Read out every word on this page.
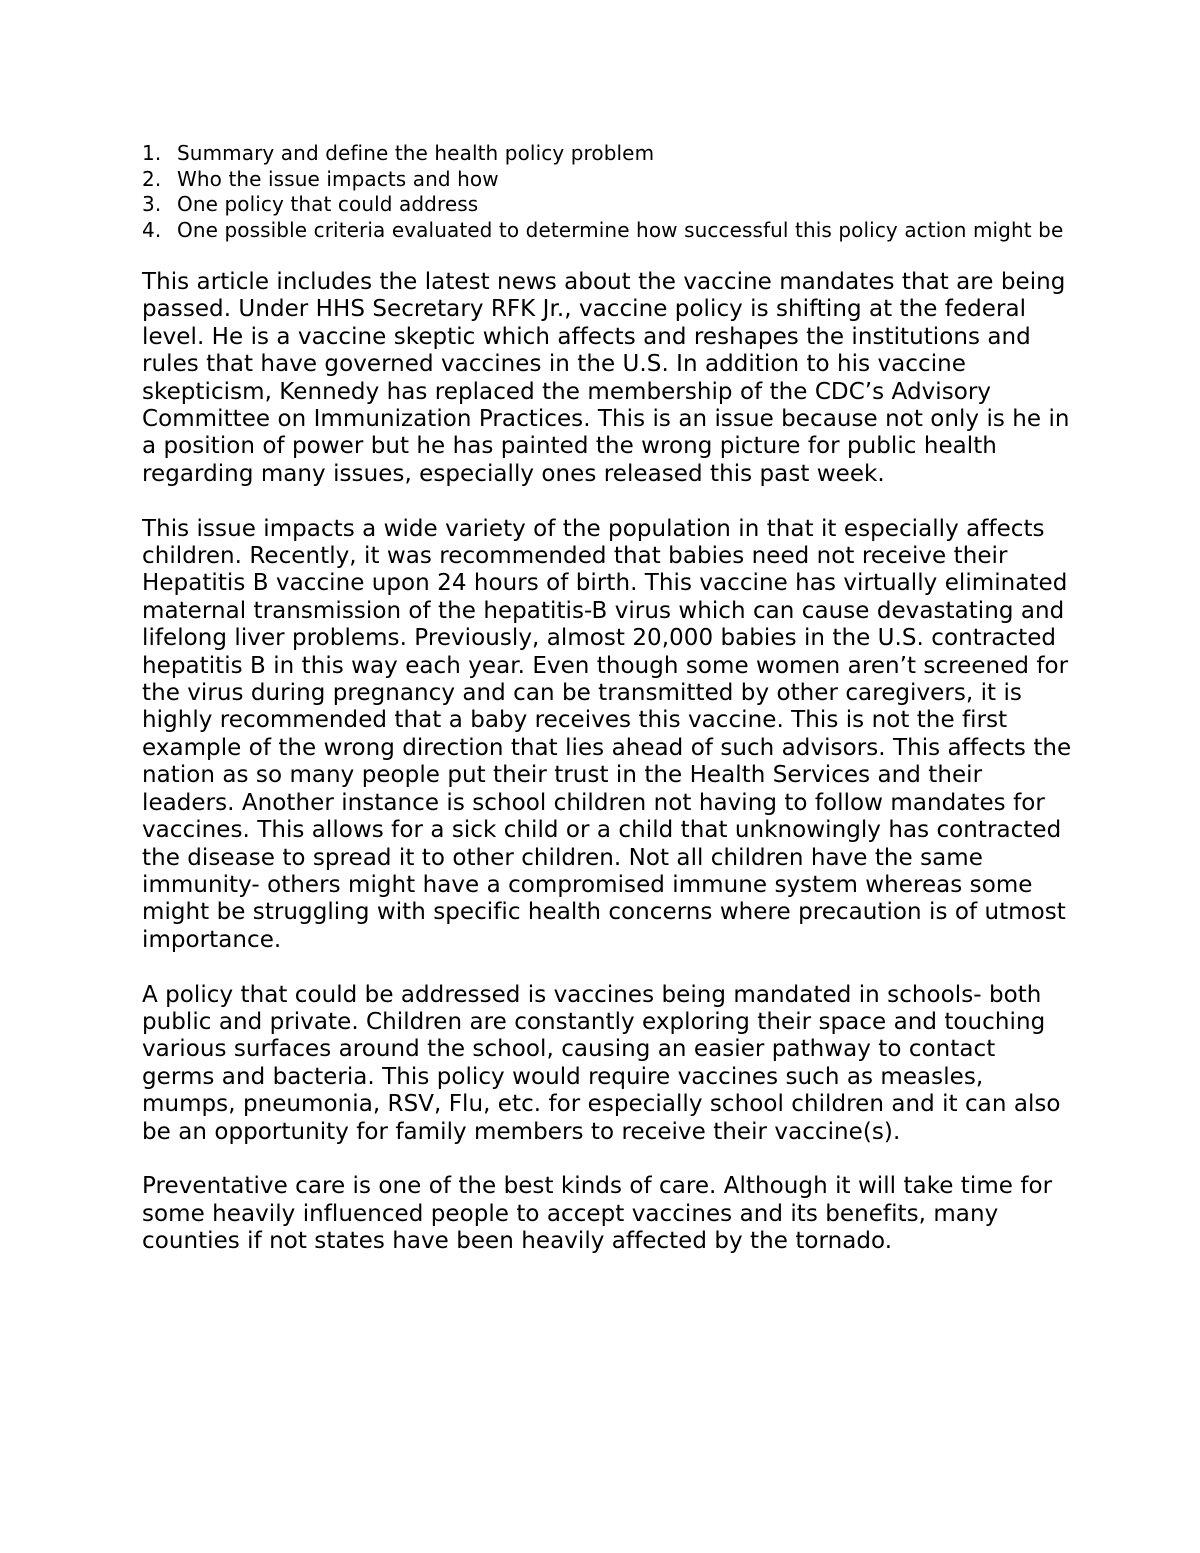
1. Summary and define the health policy problem
2. Who the issue impacts and how
3. One policy that could address
4. One possible criteria evaluated to determine how successful this policy action might be

This article includes the latest news about the vaccine mandates that are being passed. Under HHS Secretary RFK Jr., vaccine policy is shifting at the federal level. He is a vaccine skeptic which affects and reshapes the institutions and rules that have governed vaccines in the U.S. In addition to his vaccine skepticism, Kennedy has replaced the membership of the CDC’s Advisory Committee on Immunization Practices. This is an issue because not only is he in a position of power but he has painted the wrong picture for public health regarding many issues, especially ones released this past week.

This issue impacts a wide variety of the population in that it especially affects children. Recently, it was recommended that babies need not receive their Hepatitis B vaccine upon 24 hours of birth. This vaccine has virtually eliminated maternal transmission of the hepatitis-B virus which can cause devastating and lifelong liver problems. Previously, almost 20,000 babies in the U.S. contracted hepatitis B in this way each year. Even though some women aren’t screened for the virus during pregnancy and can be transmitted by other caregivers, it is highly recommended that a baby receives this vaccine. This is not the first example of the wrong direction that lies ahead of such advisors. This affects the nation as so many people put their trust in the Health Services and their leaders. Another instance is school children not having to follow mandates for vaccines. This allows for a sick child or a child that unknowingly has contracted the disease to spread it to other children. Not all children have the same immunity- others might have a compromised immune system whereas some might be struggling with specific health concerns where precaution is of utmost importance.

A policy that could be addressed is vaccines being mandated in schools- both public and private. Children are constantly exploring their space and touching various surfaces around the school, causing an easier pathway to contact germs and bacteria. This policy would require vaccines such as measles, mumps, pneumonia, RSV, Flu, etc. for especially school children and it can also be an opportunity for family members to receive their vaccine(s).

Preventative care is one of the best kinds of care. Although it will take time for some heavily influenced people to accept vaccines and its benefits, many counties if not states have been heavily affected by the tornado.
